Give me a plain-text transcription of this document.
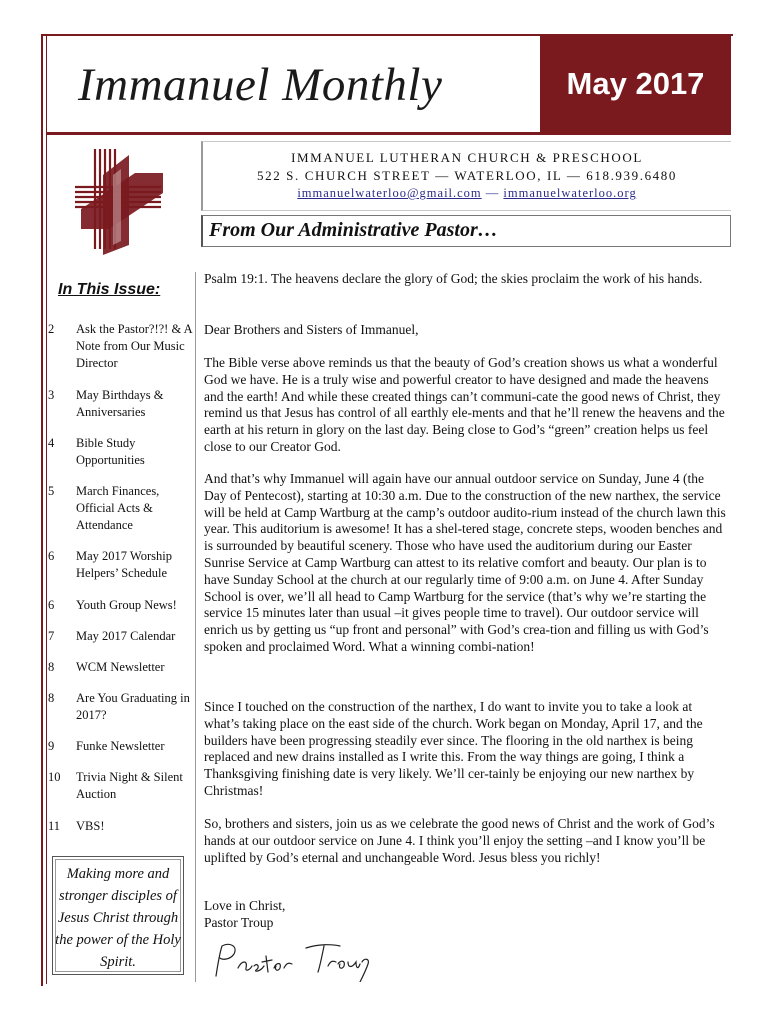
Immanuel Monthly	May 2017
IMMANUEL LUTHERAN CHURCH & PRESCHOOL
522 S. CHURCH STREET — WATERLOO, IL — 618.939.6480
immanuelwaterloo@gmail.com — immanuelwaterloo.org
From Our Administrative Pastor…
In This Issue:
2 Ask the Pastor?!?! & A Note from Our Music Director
3 May Birthdays & Anniversaries
4 Bible Study Opportunities
5 March Finances, Official Acts & Attendance
6 May 2017 Worship Helpers’ Schedule
6 Youth Group News!
7 May 2017 Calendar
8 WCM Newsletter
8 Are You Graduating in 2017?
9 Funke Newsletter
10 Trivia Night & Silent Auction
11 VBS!
Making more and stronger disciples of Jesus Christ through the power of the Holy Spirit.

Psalm 19:1. The heavens declare the glory of God; the skies proclaim the work of his hands.

Dear Brothers and Sisters of Immanuel,

The Bible verse above reminds us that the beauty of God’s creation shows us what a wonderful God we have. He is a truly wise and powerful creator to have designed and made the heavens and the earth! And while these created things can’t communi-cate the good news of Christ, they remind us that Jesus has control of all earthly ele-ments and that he’ll renew the heavens and the earth at his return in glory on the last day. Being close to God’s “green” creation helps us feel close to our Creator God.

And that’s why Immanuel will again have our annual outdoor service on Sunday, June 4 (the Day of Pentecost), starting at 10:30 a.m. Due to the construction of the new narthex, the service will be held at Camp Wartburg at the camp’s outdoor audito-rium instead of the church lawn this year. This auditorium is awesome! It has a shel-tered stage, concrete steps, wooden benches and is surrounded by beautiful scenery. Those who have used the auditorium during our Easter Sunrise Service at Camp Wartburg can attest to its relative comfort and beauty. Our plan is to have Sunday School at the church at our regularly time of 9:00 a.m. on June 4. After Sunday School is over, we’ll all head to Camp Wartburg for the service (that’s why we’re starting the service 15 minutes later than usual –it gives people time to travel). Our outdoor service will enrich us by getting us “up front and personal” with God’s crea-tion and filling us with God’s spoken and proclaimed Word. What a winning combi-nation!

Since I touched on the construction of the narthex, I do want to invite you to take a look at what’s taking place on the east side of the church. Work began on Monday, April 17, and the builders have been progressing steadily ever since. The flooring in the old narthex is being replaced and new drains installed as I write this. From the way things are going, I think a Thanksgiving finishing date is very likely. We’ll cer-tainly be enjoying our new narthex by Christmas!

So, brothers and sisters, join us as we celebrate the good news of Christ and the work of God’s hands at our outdoor service on June 4. I think you’ll enjoy the setting –and I know you’ll be uplifted by God’s eternal and unchangeable Word. Jesus bless you richly!

Love in Christ,

Pastor Troup
